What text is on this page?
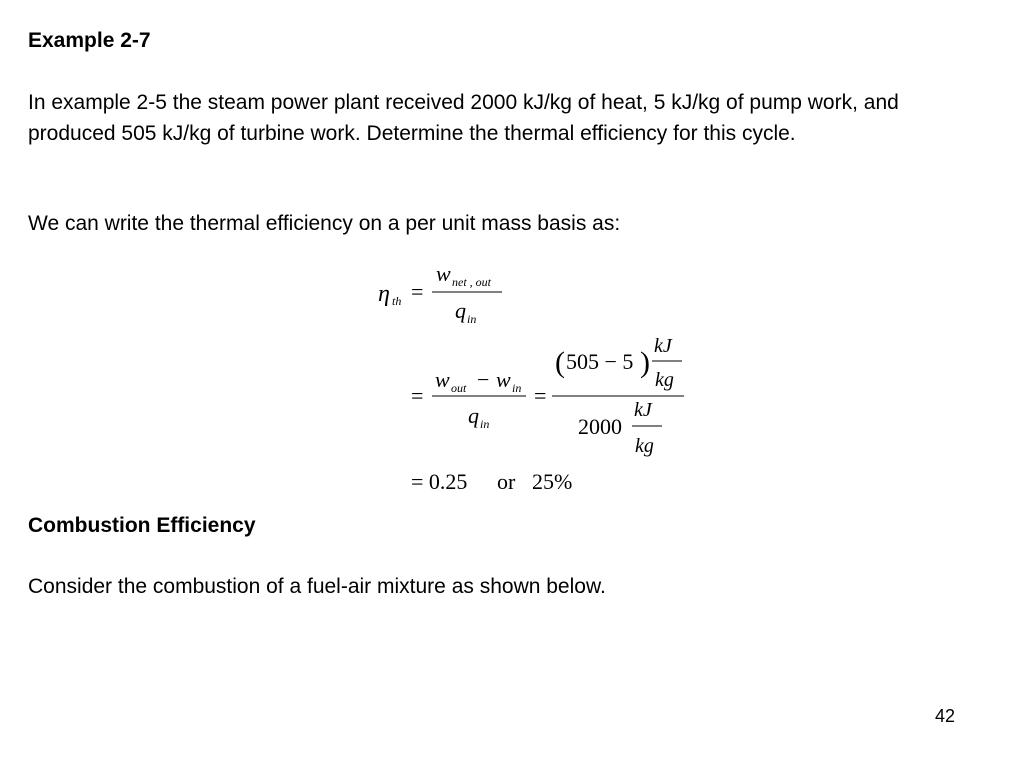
Example 2-7
In example 2-5 the steam power plant received 2000 kJ/kg of heat, 5 kJ/kg of pump work, and produced 505 kJ/kg of turbine work. Determine the thermal efficiency for this cycle.
We can write the thermal efficiency on a per unit mass basis as:
η th =
w net , out
q in
=
w out − w in
q in
=
( 505 − 5 ) kJ
kg
2000
kJ
kg
= 0.25 or 25%
Combustion Efficiency
Consider the combustion of a fuel-air mixture as shown below.
42
